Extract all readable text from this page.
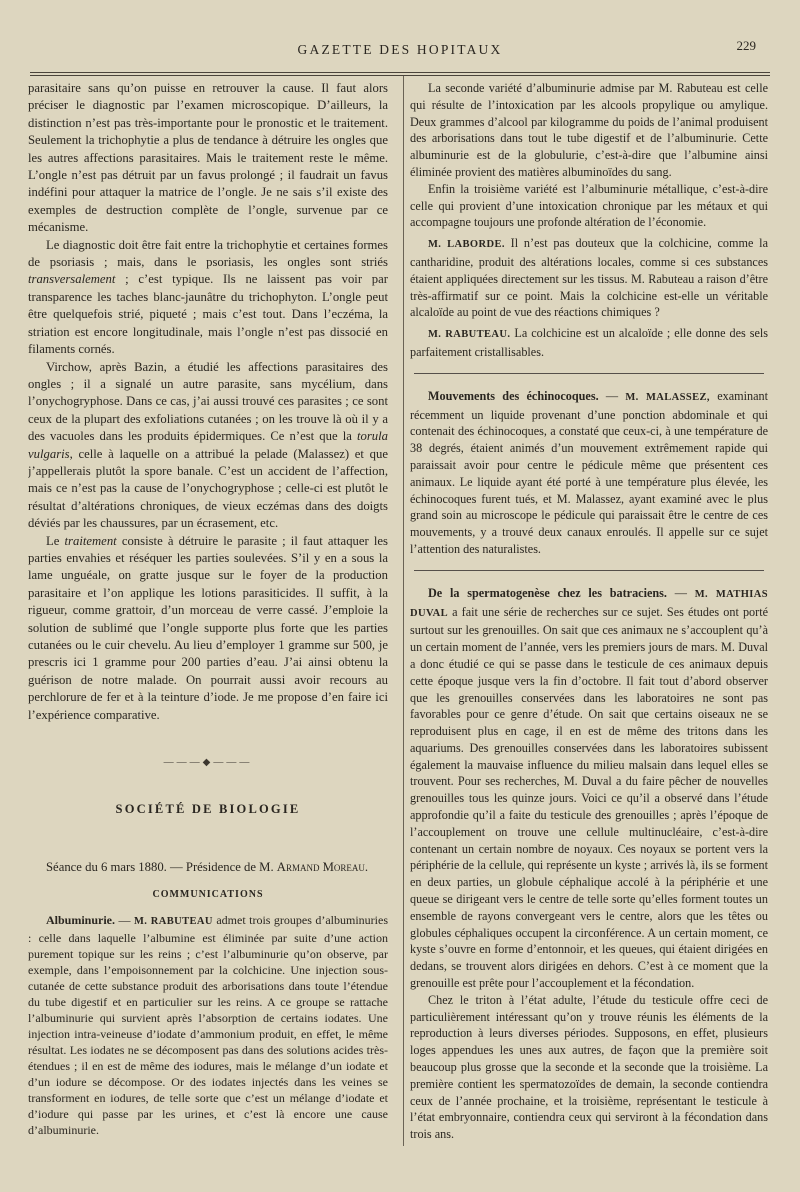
GAZETTE DES HOPITAUX	229

parasitaire sans qu’on puisse en retrouver la cause. Il faut alors préciser le diagnostic par l’examen microscopique. D’ailleurs, la distinction n’est pas très-importante pour le pronostic et le traitement. Seulement la trichophytie a plus de tendance à détruire les ongles que les autres affections parasitaires. Mais le traitement reste le même. L’ongle n’est pas détruit par un favus prolongé ; il faudrait un favus indéfini pour attaquer la matrice de l’ongle. Je ne sais s’il existe des exemples de destruction complète de l’ongle, survenue par ce mécanisme.

Le diagnostic doit être fait entre la trichophytie et certaines formes de psoriasis ; mais, dans le psoriasis, les ongles sont striés transversalement ; c’est typique. Ils ne laissent pas voir par transparence les taches blanc-jaunâtre du trichophyton. L’ongle peut être quelquefois strié, piqueté ; mais c’est tout. Dans l’eczéma, la striation est encore longitudinale, mais l’ongle n’est pas dissocié en filaments cornés.

Virchow, après Bazin, a étudié les affections parasitaires des ongles ; il a signalé un autre parasite, sans mycélium, dans l’onychogryphose. Dans ce cas, j’ai aussi trouvé ces parasites ; ce sont ceux de la plupart des exfoliations cutanées ; on les trouve là où il y a des vacuoles dans les produits épidermiques. Ce n’est que la torula vulgaris, celle à laquelle on a attribué la pelade (Malassez) et que j’appellerais plutôt la spore banale. C’est un accident de l’affection, mais ce n’est pas la cause de l’onychogryphose ; celle-ci est plutôt le résultat d’altérations chroniques, de vieux eczémas dans des doigts déviés par les chaussures, par un écrasement, etc.

Le traitement consiste à détruire le parasite ; il faut attaquer les parties envahies et réséquer les parties soulevées. S’il y en a sous la lame unguéale, on gratte jusque sur le foyer de la production parasitaire et l’on applique les lotions parasiticides. Il suffit, à la rigueur, comme grattoir, d’un morceau de verre cassé. J’emploie la solution de sublimé que l’ongle supporte plus forte que les parties cutanées ou le cuir chevelu. Au lieu d’employer 1 gramme sur 500, je prescris ici 1 gramme pour 200 parties d’eau. J’ai ainsi obtenu la guérison de notre malade. On pourrait aussi avoir recours au perchlorure de fer et à la teinture d’iode. Je me propose d’en faire ici l’expérience comparative.

———◆———
SOCIÉTÉ DE BIOLOGIE

Séance du 6 mars 1880. — Présidence de M. Armand Moreau.

COMMUNICATIONS

Albuminurie. — M. RABUTEAU admet trois groupes d’albuminuries : celle dans laquelle l’albumine est éliminée par suite d’une action purement topique sur les reins ; c’est l’albuminurie qu’on observe, par exemple, dans l’empoisonnement par la colchicine. Une injection sous-cutanée de cette substance produit des arborisations dans toute l’étendue du tube digestif et en particulier sur les reins. A ce groupe se rattache l’albuminurie qui survient après l’absorption de certains iodates. Une injection intra-veineuse d’iodate d’ammonium produit, en effet, le même résultat. Les iodates ne se décomposent pas dans des solutions acides très-étendues ; il en est de même des iodures, mais le mélange d’un iodate et d’un iodure se décompose. Or des iodates injectés dans les veines se transforment en iodures, de telle sorte que c’est un mélange d’iodate et d’iodure qui passe par les urines, et c’est là encore une cause d’albuminurie.

La seconde variété d’albuminurie admise par M. Rabuteau est celle qui résulte de l’intoxication par les alcools propylique ou amylique. Deux grammes d’alcool par kilogramme du poids de l’animal produisent des arborisations dans tout le tube digestif et de l’albuminurie. Cette albuminurie est de la globulurie, c’est-à-dire que l’albumine ainsi éliminée provient des matières albuminoïdes du sang.

Enfin la troisième variété est l’albuminurie métallique, c’est-à-dire celle qui provient d’une intoxication chronique par les métaux et qui accompagne toujours une profonde altération de l’économie.

M. LABORDE. Il n’est pas douteux que la colchicine, comme la cantharidine, produit des altérations locales, comme si ces substances étaient appliquées directement sur les tissus. M. Rabuteau a raison d’être très-affirmatif sur ce point. Mais la colchicine est-elle un véritable alcaloïde au point de vue des réactions chimiques ?

M. RABUTEAU. La colchicine est un alcaloïde ; elle donne des sels parfaitement cristallisables.

Mouvements des échinocoques. — M. MALASSEZ, examinant récemment un liquide provenant d’une ponction abdominale et qui contenait des échinocoques, a constaté que ceux-ci, à une température de 38 degrés, étaient animés d’un mouvement extrêmement rapide qui paraissait avoir pour centre le pédicule même que présentent ces animaux. Le liquide ayant été porté à une température plus élevée, les échinocoques furent tués, et M. Malassez, ayant examiné avec le plus grand soin au microscope le pédicule qui paraissait être le centre de ces mouvements, y a trouvé deux canaux enroulés. Il appelle sur ce sujet l’attention des naturalistes.

De la spermatogenèse chez les batraciens. — M. MATHIAS DUVAL a fait une série de recherches sur ce sujet. Ses études ont porté surtout sur les grenouilles. On sait que ces animaux ne s’accouplent qu’à un certain moment de l’année, vers les premiers jours de mars. M. Duval a donc étudié ce qui se passe dans le testicule de ces animaux depuis cette époque jusque vers la fin d’octobre. Il fait tout d’abord observer que les grenouilles conservées dans les laboratoires ne sont pas favorables pour ce genre d’étude. On sait que certains oiseaux ne se reproduisent plus en cage, il en est de même des tritons dans les aquariums. Des grenouilles conservées dans les laboratoires subissent également la mauvaise influence du milieu malsain dans lequel elles se trouvent. Pour ses recherches, M. Duval a du faire pêcher de nouvelles grenouilles tous les quinze jours. Voici ce qu’il a observé dans l’étude approfondie qu’il a faite du testicule des grenouilles ; après l’époque de l’accouplement on trouve une cellule multinucléaire, c’est-à-dire contenant un certain nombre de noyaux. Ces noyaux se portent vers la périphérie de la cellule, qui représente un kyste ; arrivés là, ils se forment en deux parties, un globule céphalique accolé à la périphérie et une queue se dirigeant vers le centre de telle sorte qu’elles forment toutes un ensemble de rayons convergeant vers le centre, alors que les têtes ou globules céphaliques occupent la circonférence. A un certain moment, ce kyste s’ouvre en forme d’entonnoir, et les queues, qui étaient dirigées en dedans, se trouvent alors dirigées en dehors. C’est à ce moment que la grenouille est prête pour l’accouplement et la fécondation.

Chez le triton à l’état adulte, l’étude du testicule offre ceci de particulièrement intéressant qu’on y trouve réunis les éléments de la reproduction à leurs diverses périodes. Supposons, en effet, plusieurs loges appendues les unes aux autres, de façon que la première soit beaucoup plus grosse que la seconde et la seconde que la troisième. La première contient les spermatozoïdes de demain, la seconde contiendra ceux de l’année prochaine, et la troisième, représentant le testicule à l’état embryonnaire, contiendra ceux qui serviront à la fécondation dans trois ans.
